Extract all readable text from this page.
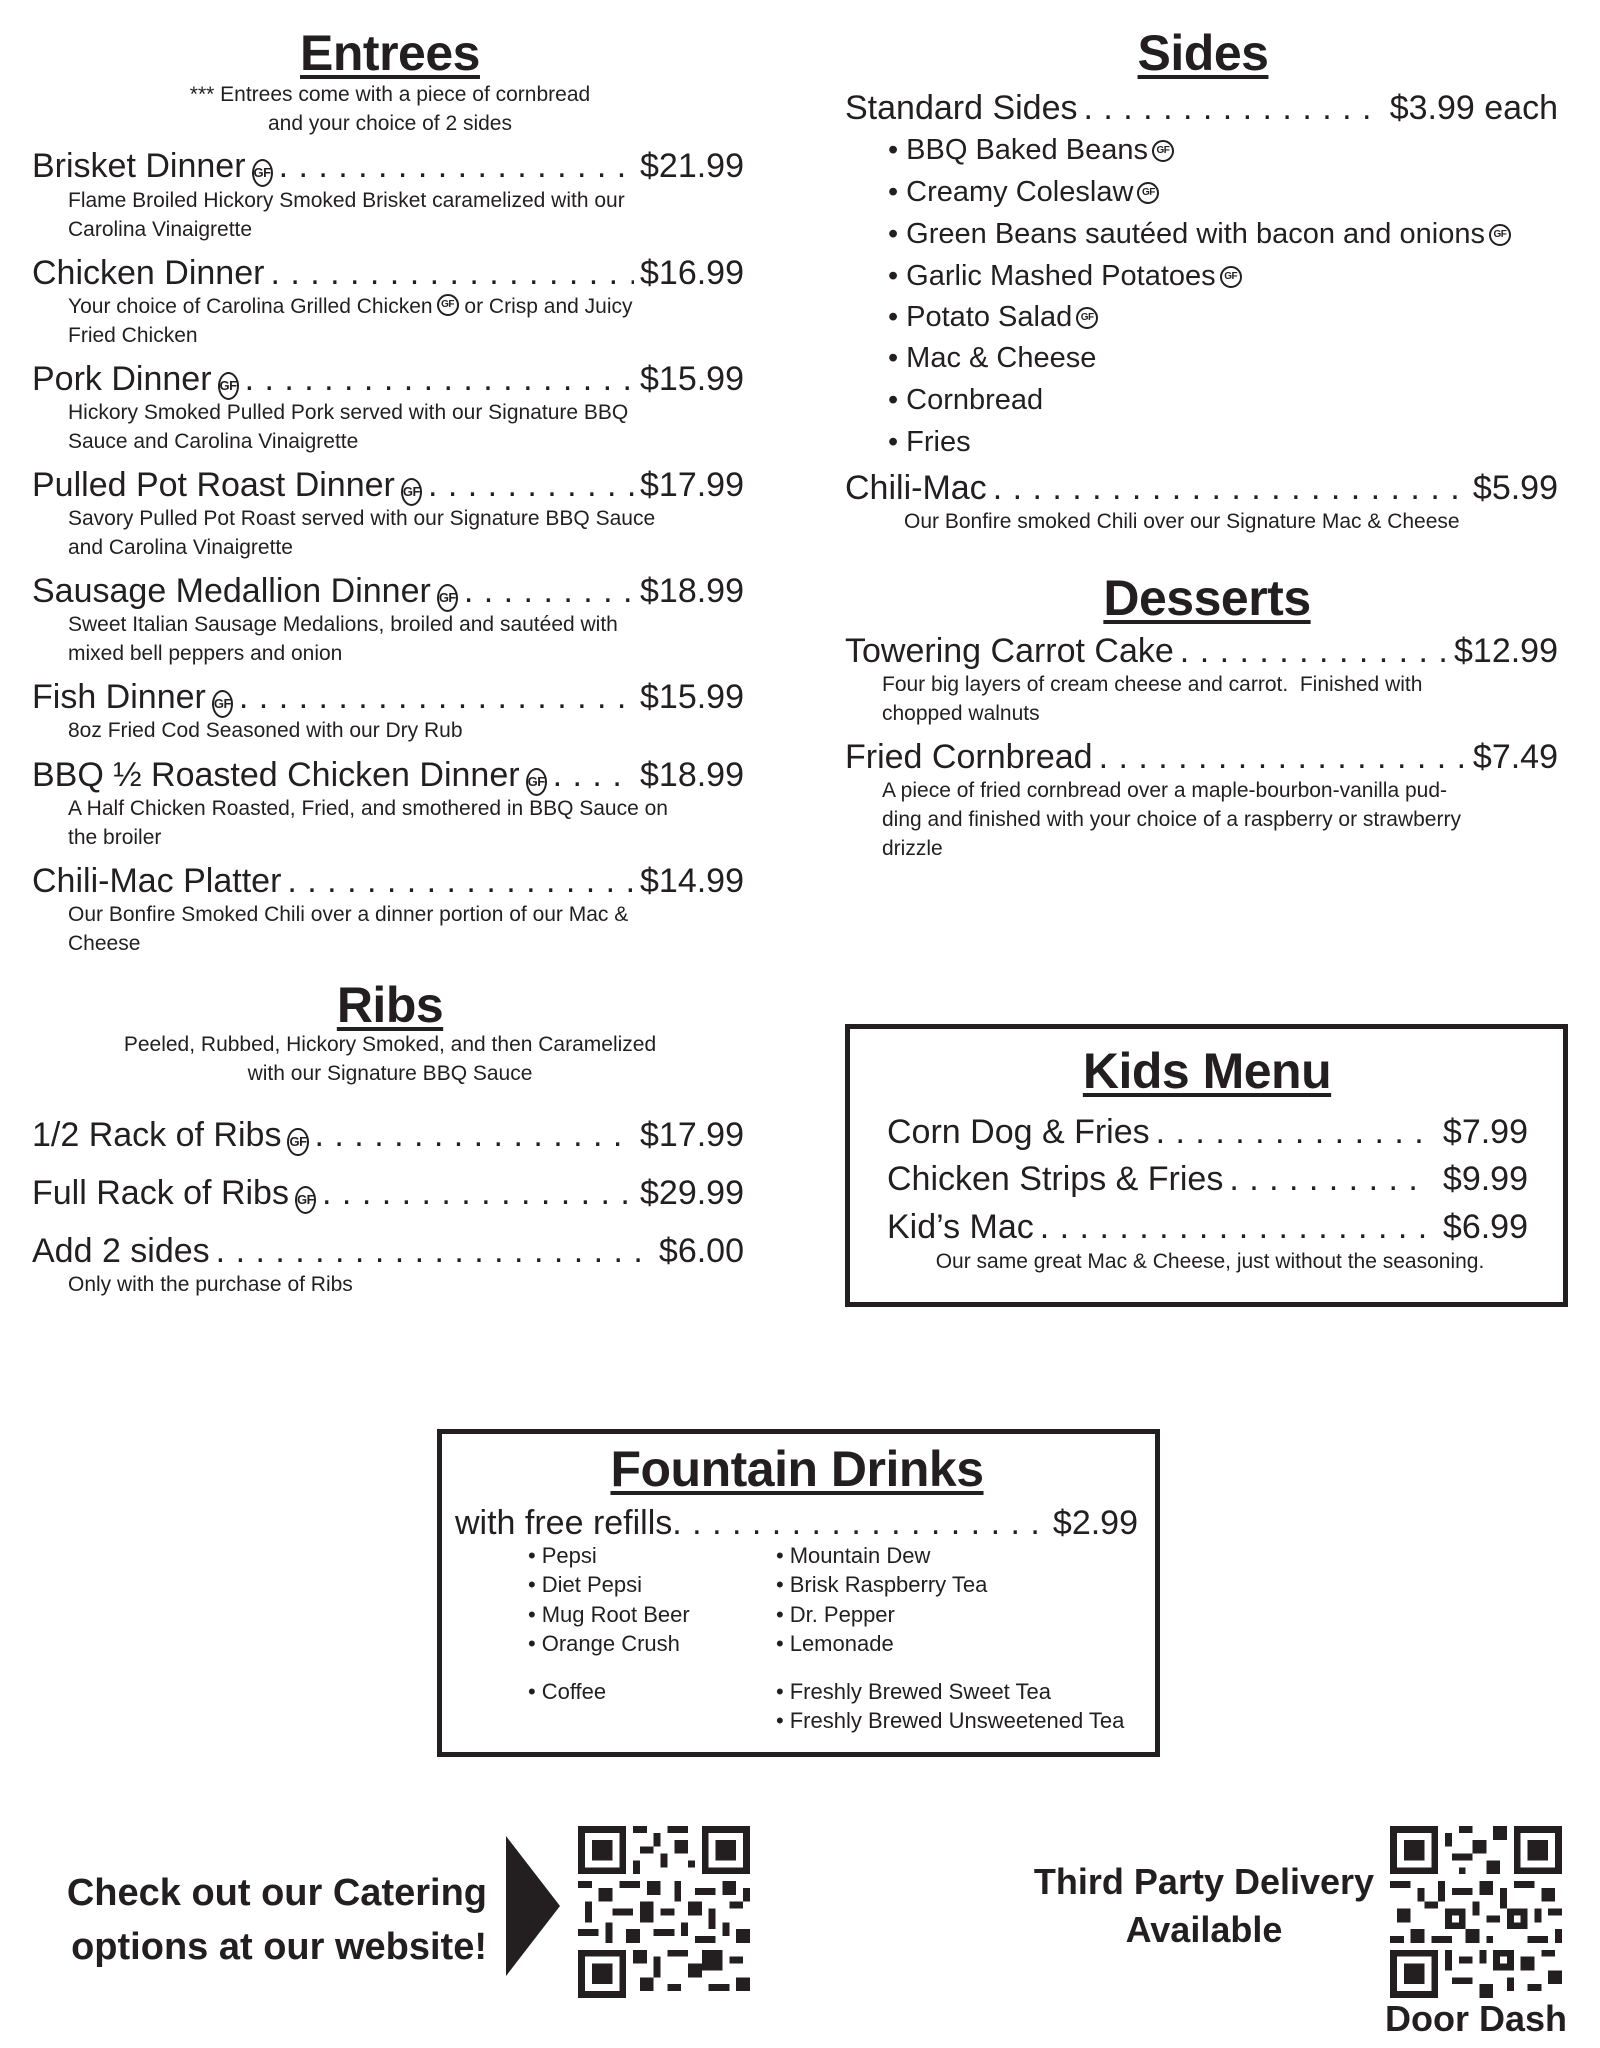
Entrees
*** Entrees come with a piece of cornbread
and your choice of 2 sides
Brisket Dinner GF . . .	$21.99
Flame Broiled Hickory Smoked Brisket caramelized with our
Carolina Vinaigrette
Chicken Dinner . . .	$16.99
Your choice of Carolina Grilled Chicken GF or Crisp and Juicy
Fried Chicken
Pork Dinner GF . . .	$15.99
Hickory Smoked Pulled Pork served with our Signature BBQ
Sauce and Carolina Vinaigrette
Pulled Pot Roast Dinner GF . . .	$17.99
Savory Pulled Pot Roast served with our Signature BBQ Sauce
and Carolina Vinaigrette
Sausage Medallion Dinner GF . . .	$18.99
Sweet Italian Sausage Medalions, broiled and sautéed with
mixed bell peppers and onion
Fish Dinner GF . . .	$15.99
8oz Fried Cod Seasoned with our Dry Rub
BBQ ½ Roasted Chicken Dinner GF . . .	$18.99
A Half Chicken Roasted, Fried, and smothered in BBQ Sauce on
the broiler
Chili-Mac Platter . . .	$14.99
Our Bonfire Smoked Chili over a dinner portion of our Mac &
Cheese
Ribs
Peeled, Rubbed, Hickory Smoked, and then Caramelized
with our Signature BBQ Sauce
1/2 Rack of Ribs GF . . .	$17.99
Full Rack of Ribs GF . . .	$29.99
Add 2 sides . . .	$6.00
Only with the purchase of Ribs
Sides
Standard Sides . . .	$3.99 each
• BBQ Baked Beans GF
• Creamy Coleslaw GF
• Green Beans sautéed with bacon and onions GF
• Garlic Mashed Potatoes GF
• Potato Salad GF
• Mac & Cheese
• Cornbread
• Fries
Chili-Mac . . .	$5.99
Our Bonfire smoked Chili over our Signature Mac & Cheese
Desserts
Towering Carrot Cake . . .	$12.99
Four big layers of cream cheese and carrot.  Finished with
chopped walnuts
Fried Cornbread . . .	$7.49
A piece of fried cornbread over a maple-bourbon-vanilla pud-
ding and finished with your choice of a raspberry or strawberry
drizzle
Kids Menu
Corn Dog & Fries . . .	$7.99
Chicken Strips & Fries . . .	$9.99
Kid’s Mac . . .	$6.99
Our same great Mac & Cheese, just without the seasoning.
Fountain Drinks
with free refills . . .	$2.99
• Pepsi
• Diet Pepsi
• Mug Root Beer
• Orange Crush
• Coffee
• Mountain Dew
• Brisk Raspberry Tea
• Dr. Pepper
• Lemonade
• Freshly Brewed Sweet Tea
• Freshly Brewed Unsweetened Tea
Check out our Catering
options at our website!
Third Party Delivery
Available
Door Dash
